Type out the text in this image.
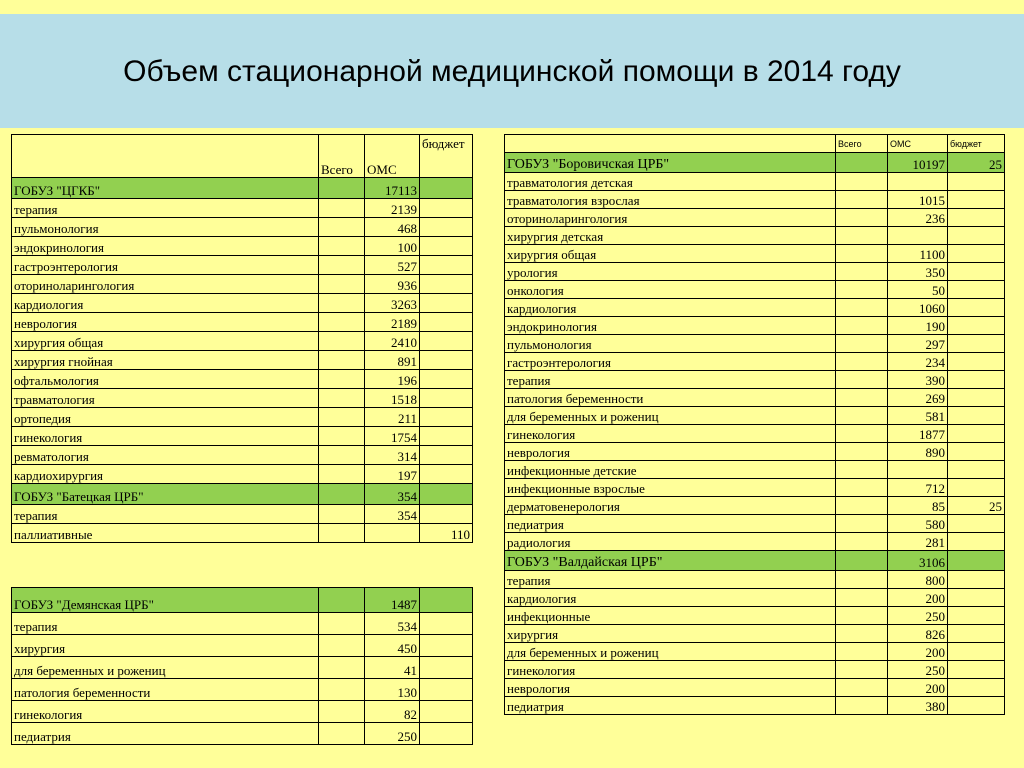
Объем стационарной медицинской помощи в 2014 году
	Всего	ОМС	бюджет
ГОБУЗ "ЦГКБ"		17113	
терапия		2139	
пульмонология		468	
эндокринология		100	
гастроэнтерология		527	
оториноларингология		936	
кардиология		3263	
неврология		2189	
хирургия общая		2410	
хирургия гнойная		891	
офтальмология		196	
травматология		1518	
ортопедия		211	
гинекология		1754	
ревматология		314	
кардиохирургия		197	
ГОБУЗ "Батецкая ЦРБ"		354	
терапия		354	
паллиативные			110
ГОБУЗ "Демянская ЦРБ"		1487	
терапия		534	
хирургия		450	
для беременных и рожениц		41	
патология беременности		130	
гинекология		82	
педиатрия		250	
	Всего	ОМС	бюджет
ГОБУЗ "Боровичская ЦРБ"		10197	25
травматология детская			
травматология взрослая		1015	
оториноларингология		236	
хирургия детская			
хирургия общая		1100	
урология		350	
онкология		50	
кардиология		1060	
эндокринология		190	
пульмонология		297	
гастроэнтерология		234	
терапия		390	
патология беременности		269	
для беременных и рожениц		581	
гинекология		1877	
неврология		890	
инфекционные детские			
инфекционные взрослые		712	
дерматовенерология		85	25
педиатрия		580	
радиология		281	
ГОБУЗ "Валдайская ЦРБ"		3106	
терапия		800	
кардиология		200	
инфекционные		250	
хирургия		826	
для беременных и рожениц		200	
гинекология		250	
неврология		200	
педиатрия		380	
